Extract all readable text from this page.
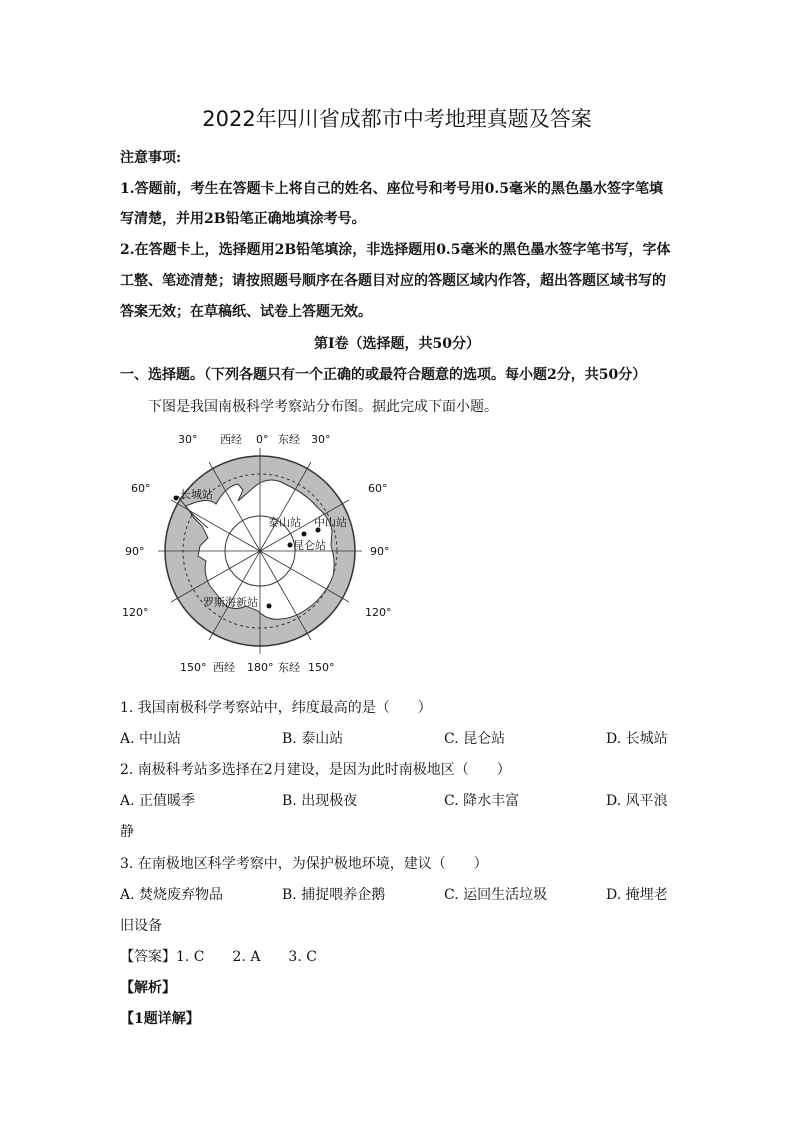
2022年四川省成都市中考地理真题及答案
注意事项:
1.答题前，考生在答题卡上将自己的姓名、座位号和考号用0.5毫米的黑色墨水签字笔填
写清楚，并用2B铅笔正确地填涂考号。
2.在答题卡上，选择题用2B铅笔填涂，非选择题用0.5毫米的黑色墨水签字笔书写，字体
工整、笔迹清楚；请按照题号顺序在各题目对应的答题区域内作答，超出答题区域书写的
答案无效；在草稿纸、试卷上答题无效。
第Ⅰ卷（选择题，共50分）
一、选择题。（下列各题只有一个正确的或最符合题意的选项。每小题2分，共50分）
下图是我国南极科学考察站分布图。据此完成下面小题。
30° 西经 0° 东经 30°
150° 西经 180° 东经 150°
60°	60°
90°	90°
120°	120°
长城站
泰山站 中山站
昆仑站
罗斯海新站
1. 我国南极科学考察站中，纬度最高的是（　　）
A. 中山站	B. 泰山站	C. 昆仑站	D. 长城站
2. 南极科考站多选择在2月建设，是因为此时南极地区（　　）
A. 正值暖季	B. 出现极夜	C. 降水丰富	D. 风平浪
静
3. 在南极地区科学考察中，为保护极地环境，建议（　　）
A. 焚烧废弃物品	B. 捕捉喂养企鹅	C. 运回生活垃圾	D. 掩埋老
旧设备
【答案】1. C　　2. A　　3. C
【解析】
【1题详解】
